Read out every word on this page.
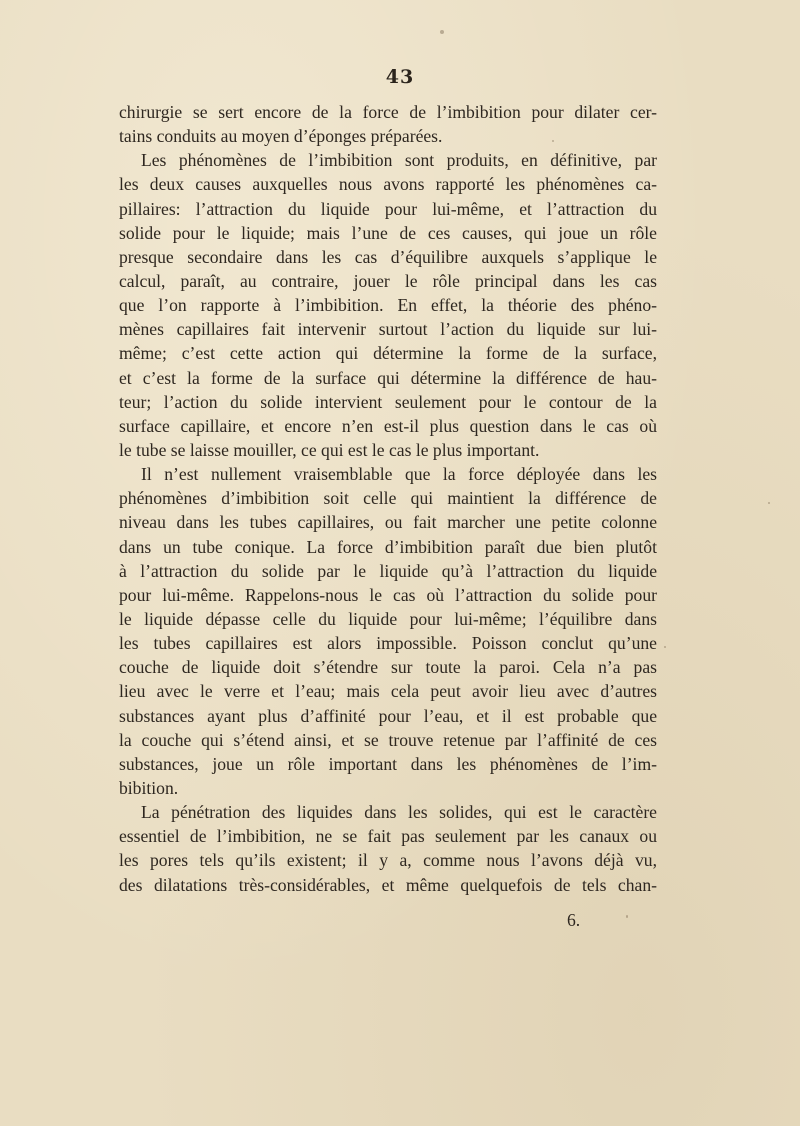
43
chirurgie se sert encore de la force de l’imbibition pour dilater cer-
tains conduits au moyen d’éponges préparées.
Les phénomènes de l’imbibition sont produits, en définitive, par
les deux causes auxquelles nous avons rapporté les phénomènes ca-
pillaires: l’attraction du liquide pour lui-même, et l’attraction du
solide pour le liquide; mais l’une de ces causes, qui joue un rôle
presque secondaire dans les cas d’équilibre auxquels s’applique le
calcul, paraît, au contraire, jouer le rôle principal dans les cas
que l’on rapporte à l’imbibition. En effet, la théorie des phéno-
mènes capillaires fait intervenir surtout l’action du liquide sur lui-
même; c’est cette action qui détermine la forme de la surface,
et c’est la forme de la surface qui détermine la différence de hau-
teur; l’action du solide intervient seulement pour le contour de la
surface capillaire, et encore n’en est-il plus question dans le cas où
le tube se laisse mouiller, ce qui est le cas le plus important.
Il n’est nullement vraisemblable que la force déployée dans les
phénomènes d’imbibition soit celle qui maintient la différence de
niveau dans les tubes capillaires, ou fait marcher une petite colonne
dans un tube conique. La force d’imbibition paraît due bien plutôt
à l’attraction du solide par le liquide qu’à l’attraction du liquide
pour lui-même. Rappelons-nous le cas où l’attraction du solide pour
le liquide dépasse celle du liquide pour lui-même; l’équilibre dans
les tubes capillaires est alors impossible. Poisson conclut qu’une
couche de liquide doit s’étendre sur toute la paroi. Cela n’a pas
lieu avec le verre et l’eau; mais cela peut avoir lieu avec d’autres
substances ayant plus d’affinité pour l’eau, et il est probable que
la couche qui s’étend ainsi, et se trouve retenue par l’affinité de ces
substances, joue un rôle important dans les phénomènes de l’im-
bibition.
La pénétration des liquides dans les solides, qui est le caractère
essentiel de l’imbibition, ne se fait pas seulement par les canaux ou
les pores tels qu’ils existent; il y a, comme nous l’avons déjà vu,
des dilatations très-considérables, et même quelquefois de tels chan-
6.
